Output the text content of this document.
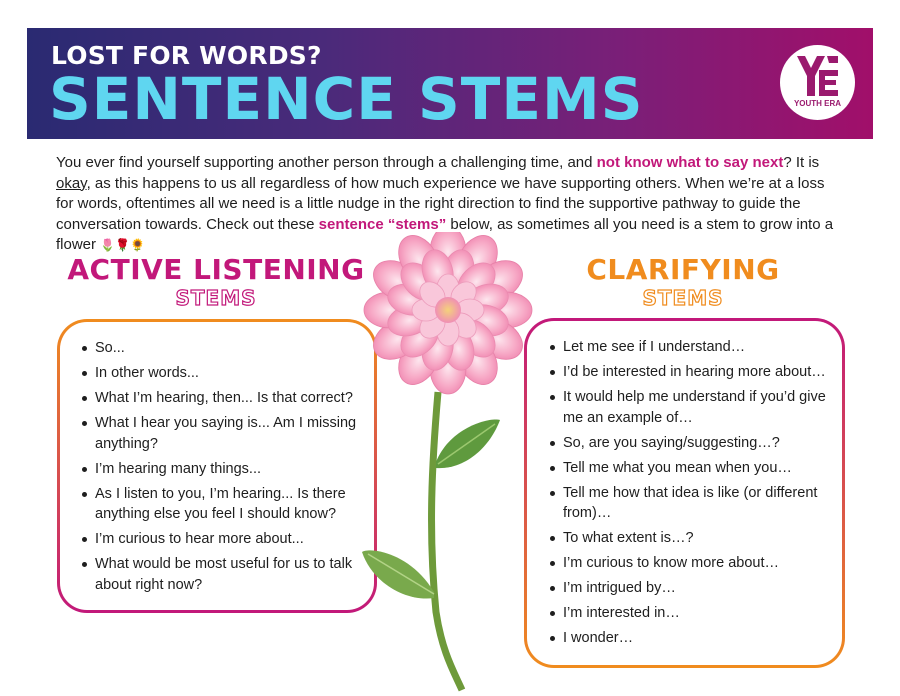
LOST FOR WORDS?
SENTENCE STEMS	YOUTH ERA

You ever find yourself supporting another person through a challenging time, and not know what to say next? It is okay, as this happens to us all regardless of how much experience we have supporting others. When we’re at a loss for words, oftentimes all we need is a little nudge in the right direction to find the supportive pathway to guide the conversation towards. Check out these sentence “stems” below, as sometimes all you need is a stem to grow into a flower 🌷🌹🌻

ACTIVE LISTENING
STEMS
CLARIFYING
STEMS
So...
In other words...
What I’m hearing, then... Is that correct?
What I hear you saying is... Am I missing anything?
I’m hearing many things...
As I listen to you, I’m hearing... Is there anything else you feel I should know?
I’m curious to hear more about...
What would be most useful for us to talk about right now?
Let me see if I understand…
I’d be interested in hearing more about…
It would help me understand if you’d give me an example of…
So, are you saying/suggesting…?
Tell me what you mean when you…
Tell me how that idea is like (or different from)…
To what extent is…?
I’m curious to know more about…
I’m intrigued by…
I’m interested in…
I wonder…
